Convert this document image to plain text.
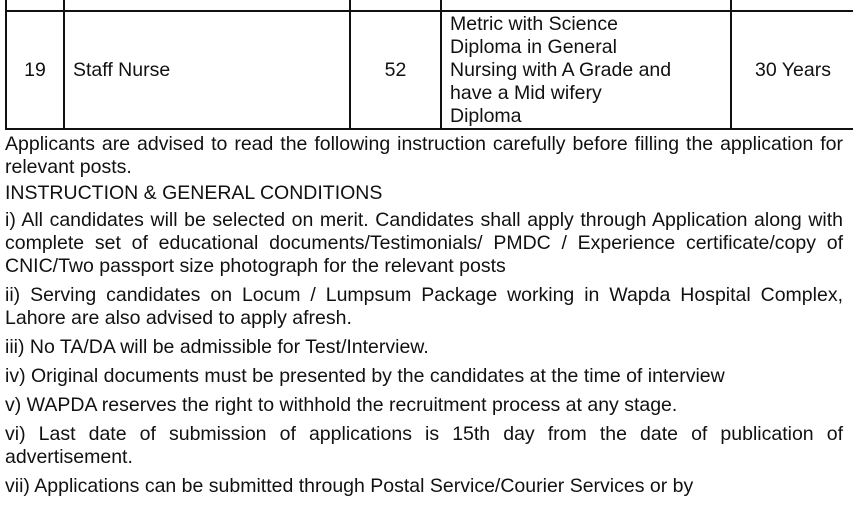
19	Staff Nurse	52	Metric with Science
Diploma in General
Nursing with A Grade and
have a Mid wifery
Diploma	30 Years

Applicants are advised to read the following instruction carefully before filling the application for relevant posts.

INSTRUCTION & GENERAL CONDITIONS

i) All candidates will be selected on merit. Candidates shall apply through Application along with complete set of educational documents/Testimonials/ PMDC / Experience certificate/copy of CNIC/Two passport size photograph for the relevant posts

ii) Serving candidates on Locum / Lumpsum Package working in Wapda Hospital Complex, Lahore are also advised to apply afresh.

iii) No TA/DA will be admissible for Test/Interview.

iv) Original documents must be presented by the candidates at the time of interview

v) WAPDA reserves the right to withhold the recruitment process at any stage.

vi) Last date of submission of applications is 15th day from the date of publication of advertisement.

vii) Applications can be submitted through Postal Service/Courier Services or by
